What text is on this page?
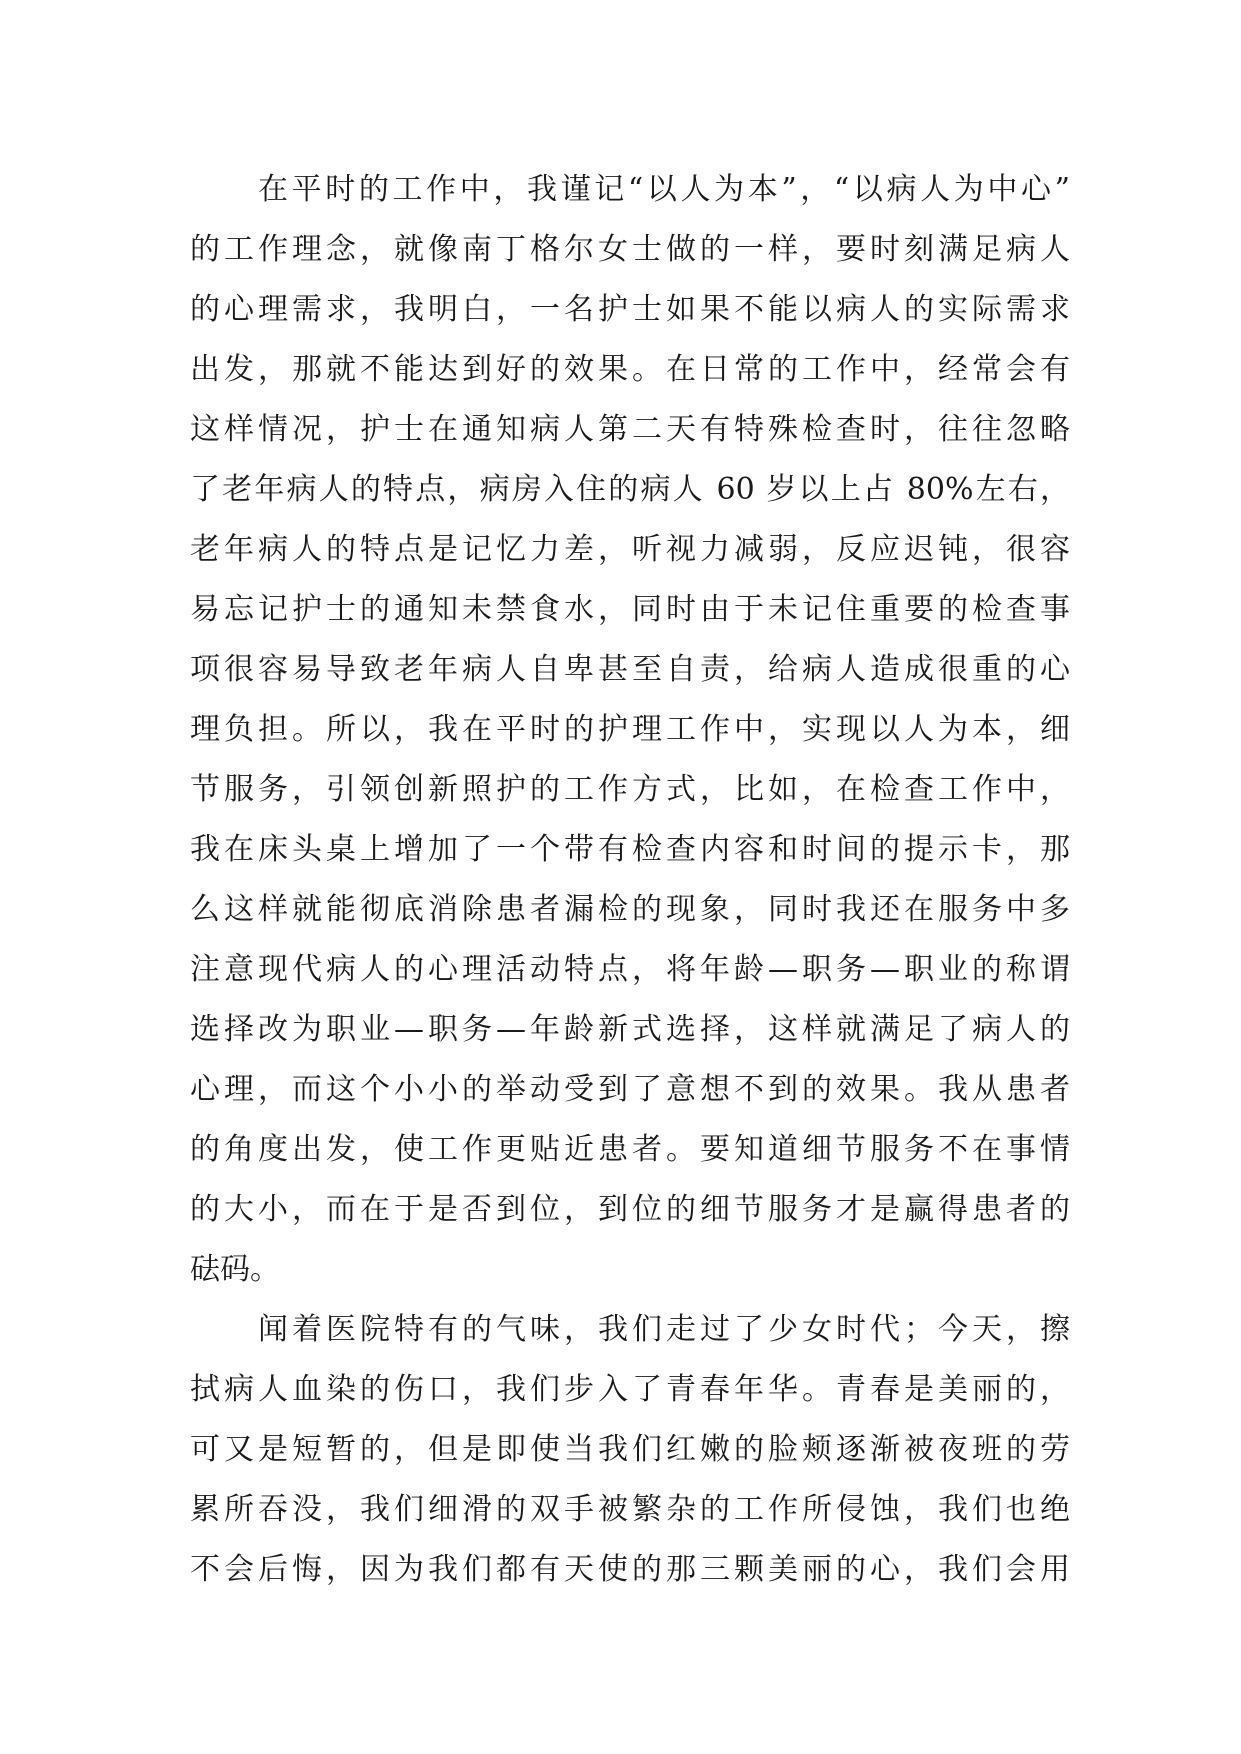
在平时的工作中，我谨记“以人为本”，“以病人为中心”
的工作理念，就像南丁格尔女士做的一样，要时刻满足病人
的心理需求，我明白，一名护士如果不能以病人的实际需求
出发，那就不能达到好的效果。在日常的工作中，经常会有
这样情况，护士在通知病人第二天有特殊检查时，往往忽略
了老年病人的特点，病房入住的病人 60 岁以上占 80%左右，
老年病人的特点是记忆力差，听视力减弱，反应迟钝，很容
易忘记护士的通知未禁食水，同时由于未记住重要的检查事
项很容易导致老年病人自卑甚至自责，给病人造成很重的心
理负担。所以，我在平时的护理工作中，实现以人为本，细
节服务，引领创新照护的工作方式，比如，在检查工作中，
我在床头桌上增加了一个带有检查内容和时间的提示卡，那
么这样就能彻底消除患者漏检的现象，同时我还在服务中多
注意现代病人的心理活动特点，将年龄—职务—职业的称谓
选择改为职业—职务—年龄新式选择，这样就满足了病人的
心理，而这个小小的举动受到了意想不到的效果。我从患者
的角度出发，使工作更贴近患者。要知道细节服务不在事情
的大小，而在于是否到位，到位的细节服务才是赢得患者的
砝码。
闻着医院特有的气味，我们走过了少女时代；今天，擦
拭病人血染的伤口，我们步入了青春年华。青春是美丽的，
可又是短暂的，但是即使当我们红嫩的脸颊逐渐被夜班的劳
累所吞没，我们细滑的双手被繁杂的工作所侵蚀，我们也绝
不会后悔，因为我们都有天使的那三颗美丽的心，我们会用
